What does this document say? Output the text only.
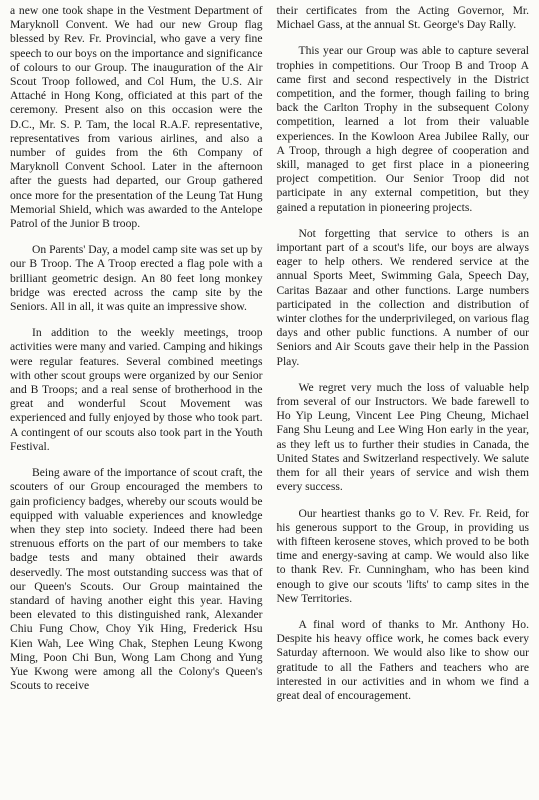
a new one took shape in the Vestment Department of Maryknoll Convent. We had our new Group flag blessed by Rev. Fr. Provincial, who gave a very fine speech to our boys on the importance and significance of colours to our Group. The inauguration of the Air Scout Troop followed, and Col Hum, the U.S. Air Attaché in Hong Kong, officiated at this part of the ceremony. Present also on this occasion were the D.C., Mr. S. P. Tam, the local R.A.F. representative, representatives from various airlines, and also a number of guides from the 6th Company of Maryknoll Convent School. Later in the afternoon after the guests had departed, our Group gathered once more for the presentation of the Leung Tat Hung Memorial Shield, which was awarded to the Antelope Patrol of the Junior B troop.

On Parents' Day, a model camp site was set up by our B Troop. The A Troop erected a flag pole with a brilliant geometric design. An 80 feet long monkey bridge was erected across the camp site by the Seniors. All in all, it was quite an impressive show.

In addition to the weekly meetings, troop activities were many and varied. Camping and hikings were regular features. Several combined meetings with other scout groups were organized by our Senior and B Troops; and a real sense of brotherhood in the great and wonderful Scout Movement was experienced and fully enjoyed by those who took part. A contingent of our scouts also took part in the Youth Festival.

Being aware of the importance of scout craft, the scouters of our Group encouraged the members to gain proficiency badges, whereby our scouts would be equipped with valuable experiences and knowledge when they step into society. Indeed there had been strenuous efforts on the part of our members to take badge tests and many obtained their awards deservedly. The most outstanding success was that of our Queen's Scouts. Our Group maintained the standard of having another eight this year. Having been elevated to this distinguished rank, Alexander Chiu Fung Chow, Choy Yik Hing, Frederick Hsu Kien Wah, Lee Wing Chak, Stephen Leung Kwong Ming, Poon Chi Bun, Wong Lam Chong and Yung Yue Kwong were among all the Colony's Queen's Scouts to receive

their certificates from the Acting Governor, Mr. Michael Gass, at the annual St. George's Day Rally.

This year our Group was able to capture several trophies in competitions. Our Troop B and Troop A came first and second respectively in the District competition, and the former, though failing to bring back the Carlton Trophy in the subsequent Colony competition, learned a lot from their valuable experiences. In the Kowloon Area Jubilee Rally, our A Troop, through a high degree of cooperation and skill, managed to get first place in a pioneering project competition. Our Senior Troop did not participate in any external competition, but they gained a reputation in pioneering projects.

Not forgetting that service to others is an important part of a scout's life, our boys are always eager to help others. We rendered service at the annual Sports Meet, Swimming Gala, Speech Day, Caritas Bazaar and other functions. Large numbers participated in the collection and distribution of winter clothes for the underprivileged, on various flag days and other public functions. A number of our Seniors and Air Scouts gave their help in the Passion Play.

We regret very much the loss of valuable help from several of our Instructors. We bade farewell to Ho Yip Leung, Vincent Lee Ping Cheung, Michael Fang Shu Leung and Lee Wing Hon early in the year, as they left us to further their studies in Canada, the United States and Switzerland respectively. We salute them for all their years of service and wish them every success.

Our heartiest thanks go to V. Rev. Fr. Reid, for his generous support to the Group, in providing us with fifteen kerosene stoves, which proved to be both time and energy-saving at camp. We would also like to thank Rev. Fr. Cunningham, who has been kind enough to give our scouts 'lifts' to camp sites in the New Territories.

A final word of thanks to Mr. Anthony Ho. Despite his heavy office work, he comes back every Saturday afternoon. We would also like to show our gratitude to all the Fathers and teachers who are interested in our activities and in whom we find a great deal of encouragement.
